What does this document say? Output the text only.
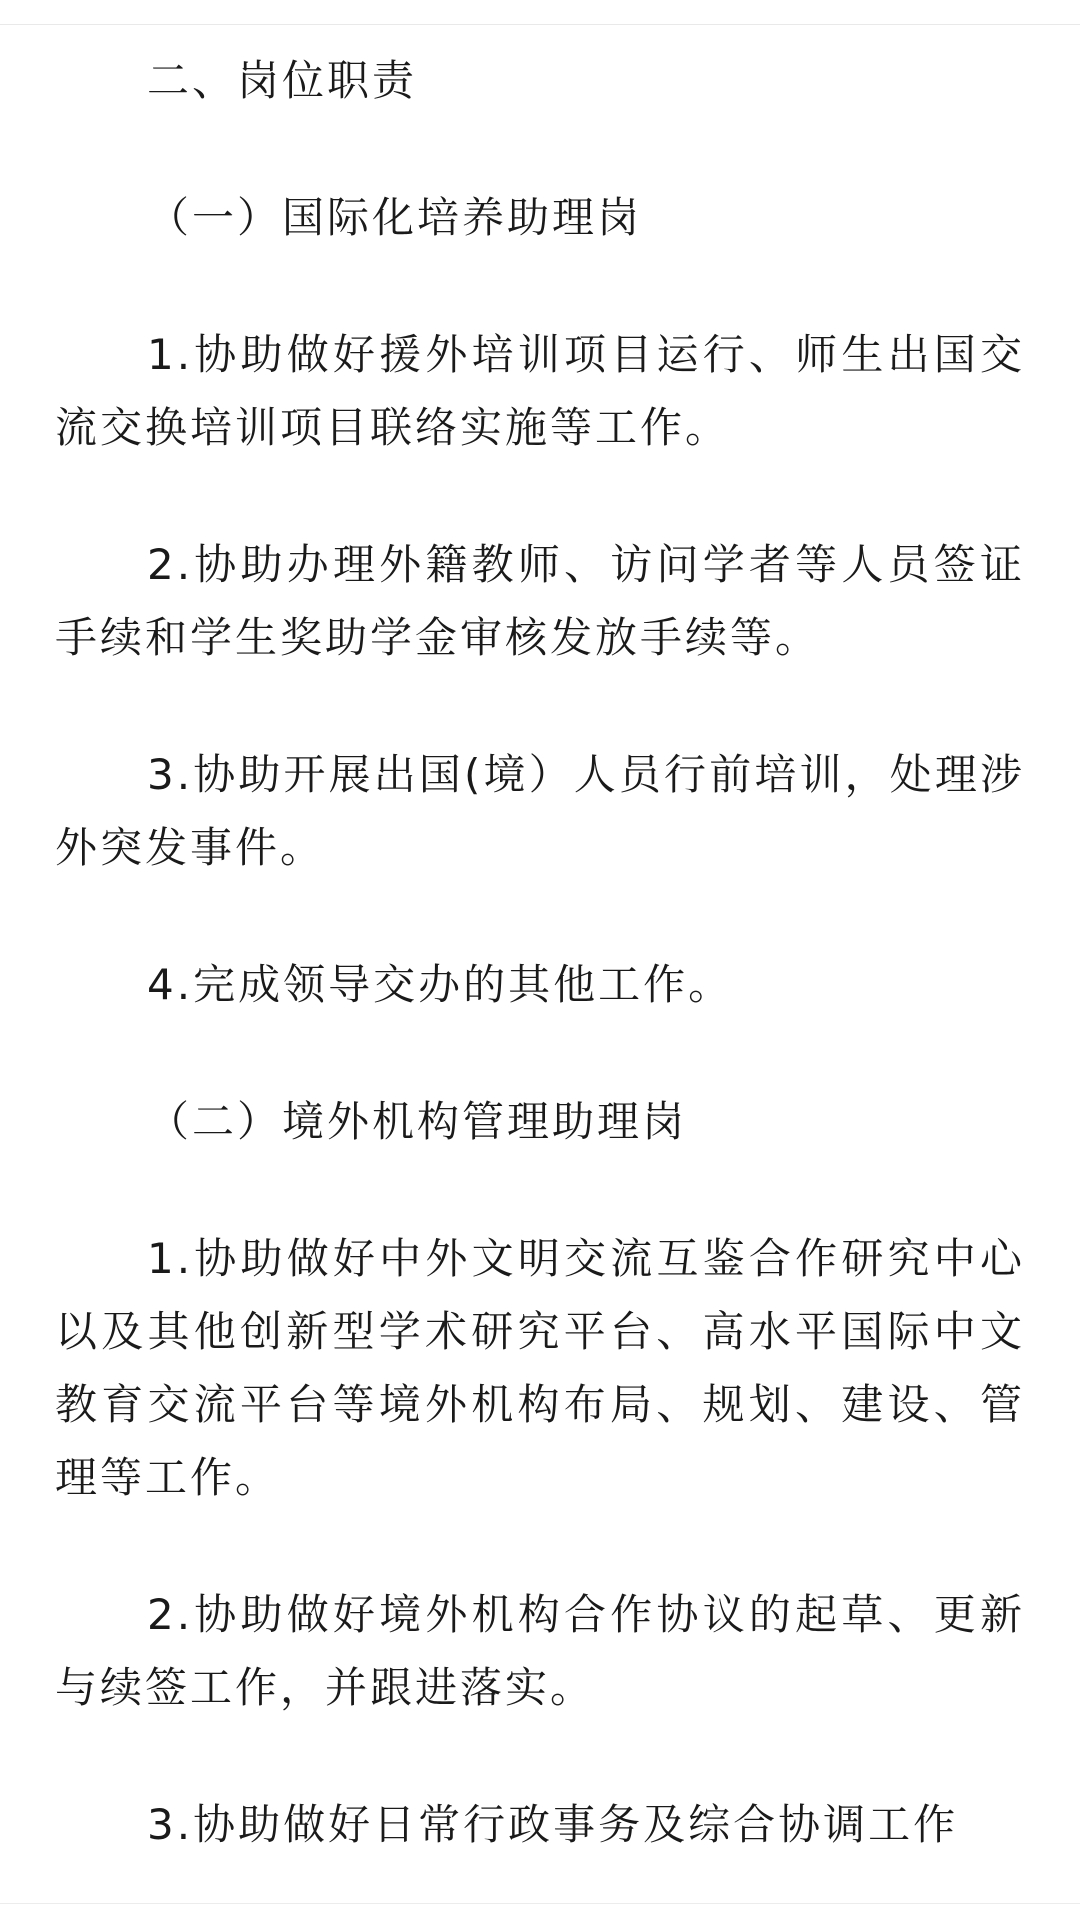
二、岗位职责

（一）国际化培养助理岗

1.协助做好援外培训项目运行、师生出国交流交换培训项目联络实施等工作。

2.协助办理外籍教师、访问学者等人员签证手续和学生奖助学金审核发放手续等。

3.协助开展出国(境）人员行前培训，处理涉外突发事件。

4.完成领导交办的其他工作。

（二）境外机构管理助理岗

1.协助做好中外文明交流互鉴合作研究中心以及其他创新型学术研究平台、高水平国际中文教育交流平台等境外机构布局、规划、建设、管理等工作。

2.协助做好境外机构合作协议的起草、更新与续签工作，并跟进落实。

3.协助做好日常行政事务及综合协调工作
